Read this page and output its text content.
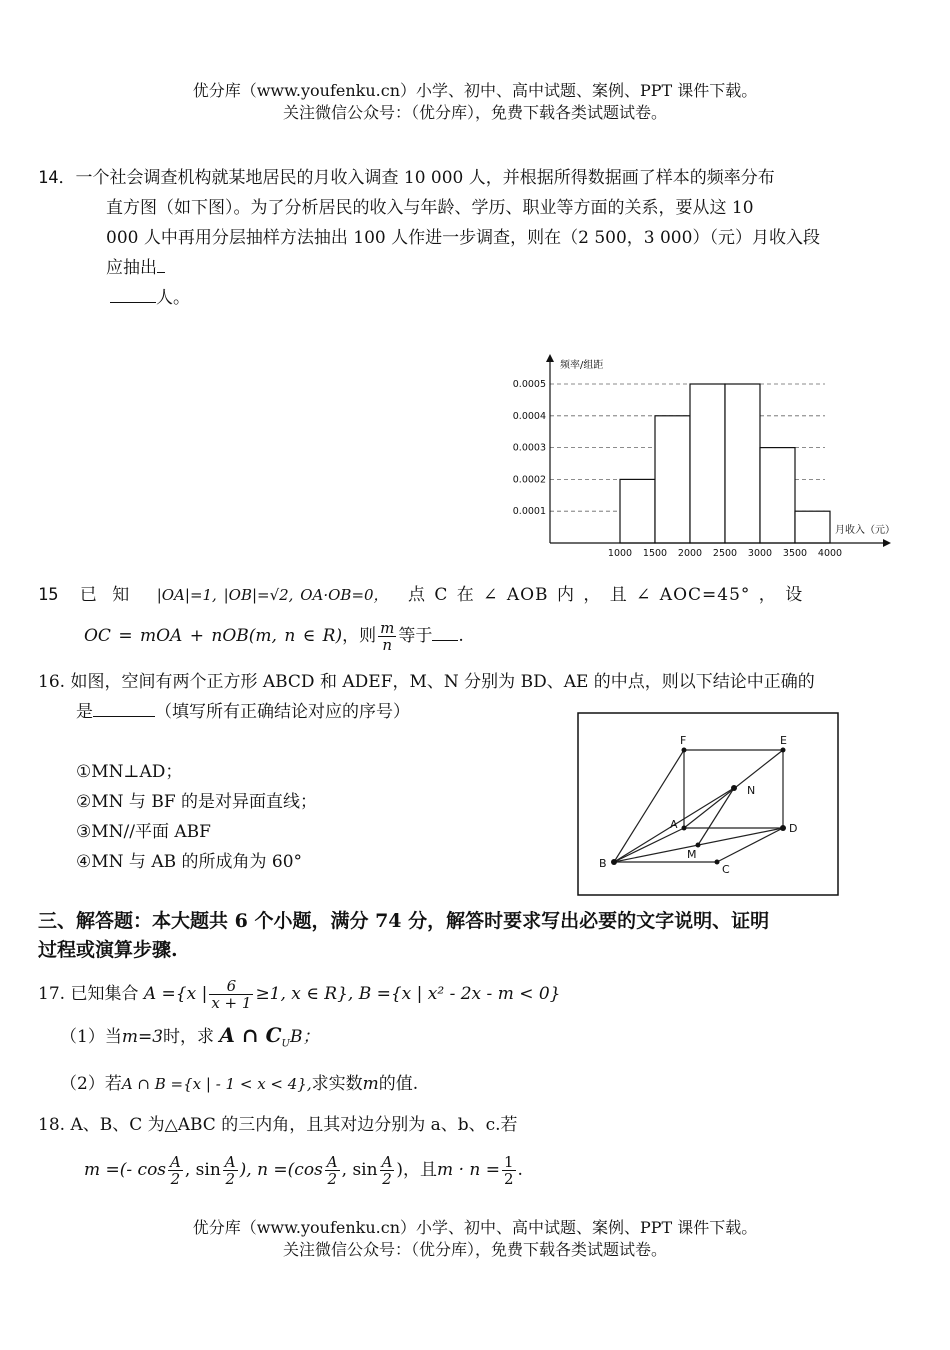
优分库（www.youfenku.cn）小学、初中、高中试题、案例、PPT 课件下载。
关注微信公众号：（优分库），免费下载各类试题试卷。
14．一个社会调查机构就某地居民的月收入调查 10 000 人，并根据所得数据画了样本的频率分布
直方图（如下图）。为了分析居民的收入与年龄、学历、职业等方面的关系，要从这 10
000 人中再用分层抽样方法抽出 100 人作进一步调查，则在（2 500，3 000）（元）月收入段
应抽出
人。
0.0001
0.0002
0.0003
0.0004
0.0005
1000 1500 2000 2500 3000 3500 4000
频率/组距
月收入（元）
15 已 知 |OA|=1, |OB|=√2, OA·OB=0， 点 C 在 ∠ AOB 内 ， 且 ∠ AOC=45° ， 设
OC = mOA + nOB(m, n ∈ R)，则 $\frac{m}{n}$ 等于 .
16. 如图，空间有两个正方形 ABCD 和 ADEF，M、N 分别为 BD、AE 的中点，则以下结论中正确的
是	（填写所有正确结论对应的序号）
①MN⊥AD；
②MN 与 BF 的是对异面直线；
③MN//平面 ABF
④MN 与 AB 的所成角为 60°
F	E
N
A	D
M
B	C
三、解答题：本大题共 6 个小题，满分 74 分，解答时要求写出必要的文字说明、证明
过程或演算步骤.
17. 已知集合 A ={x | $\frac{6}{x + 1} \ge 1$, x ∈ R}, B ={x | x² - 2x - m < 0}
（1）当m=3时，求 A ∩ $C_UB$；
（2）若A ∩ B ={x | - 1 < x < 4},求实数m的值.
18. A、B、C 为△ABC 的三内角，且其对边分别为 a、b、c.若
m =(- $\cos \frac{A}{2}$ , $\sin \frac{A}{2}$ ), $n =(\cos \frac{A}{2}$ , $\sin \frac{A}{2}$ )，且$m \cdot n = \frac{1}{2}$ .
优分库（www.youfenku.cn）小学、初中、高中试题、案例、PPT 课件下载。
关注微信公众号：（优分库），免费下载各类试题试卷。
